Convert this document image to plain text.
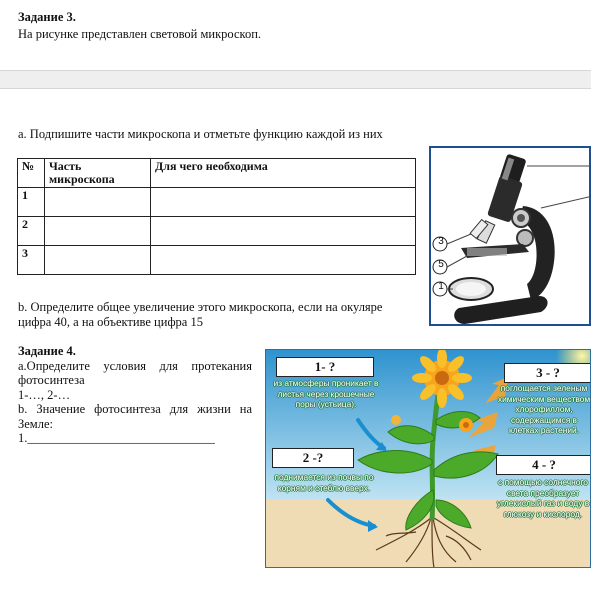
Задание 3.
На рисунке представлен световой микроскоп.
a. Подпишите части микроскопа и отметьте функцию каждой из них
№	Часть микроскопа	Для чего необходима
1		
2		
3		
3
5
1
b. Определите общее увеличение этого микроскопа, если на окуляре
цифра 40, а на объективе цифра 15
Задание 4.
a.Определите условия для протекания
фотосинтеза
1-…, 2-…
b. Значение фотосинтеза для жизни на
Земле:
1.______________________________
1- ?
из атмосферы проникает в листья через крошечные поры (устьица).
2 -?
поднимается из почвы по корням и стеблю вверх.
3 - ?
поглощается зеленым химическим веществом хлорофиллом, содержащимся в клетках растений.
4 - ?
с помощью солнечного света преобразует углекислый газ и воду в глюкозу и кислород.
